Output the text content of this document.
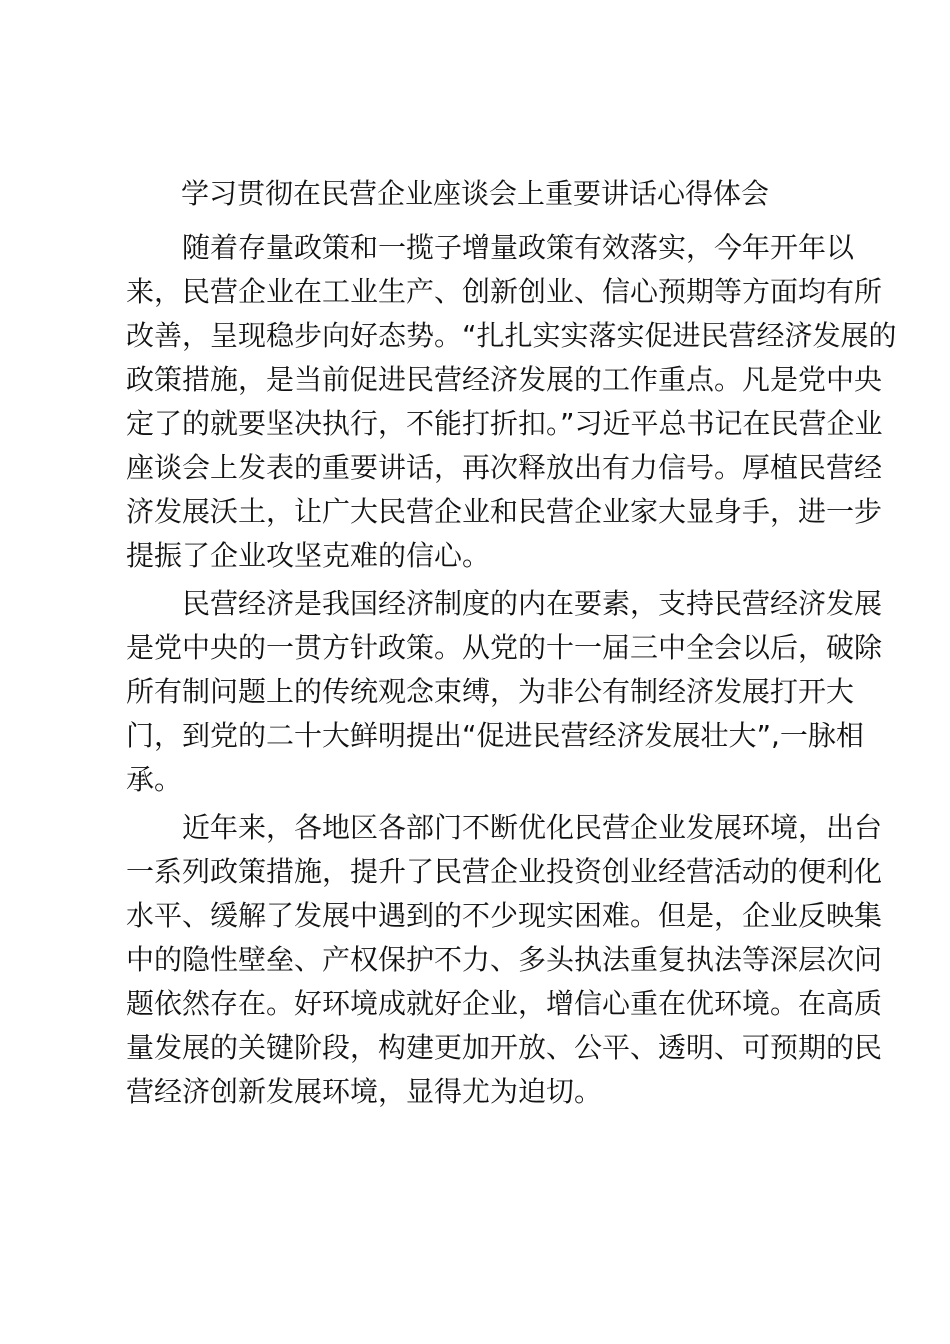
学习贯彻在民营企业座谈会上重要讲话心得体会

随着存量政策和一揽子增量政策有效落实，今年开年以

来，民营企业在工业生产、创新创业、信心预期等方面均有所

改善，呈现稳步向好态势。“扎扎实实落实促进民营经济发展的

政策措施，是当前促进民营经济发展的工作重点。凡是党中央

定了的就要坚决执行，不能打折扣。”习近平总书记在民营企业

座谈会上发表的重要讲话，再次释放出有力信号。厚植民营经

济发展沃土，让广大民营企业和民营企业家大显身手，进一步

提振了企业攻坚克难的信心。

民营经济是我国经济制度的内在要素，支持民营经济发展

是党中央的一贯方针政策。从党的十一届三中全会以后，破除

所有制问题上的传统观念束缚，为非公有制经济发展打开大

门，到党的二十大鲜明提出“促进民营经济发展壮大”,一脉相

承。

近年来，各地区各部门不断优化民营企业发展环境，出台

一系列政策措施，提升了民营企业投资创业经营活动的便利化

水平、缓解了发展中遇到的不少现实困难。但是，企业反映集

中的隐性壁垒、产权保护不力、多头执法重复执法等深层次问

题依然存在。好环境成就好企业，增信心重在优环境。在高质

量发展的关键阶段，构建更加开放、公平、透明、可预期的民

营经济创新发展环境，显得尤为迫切。
